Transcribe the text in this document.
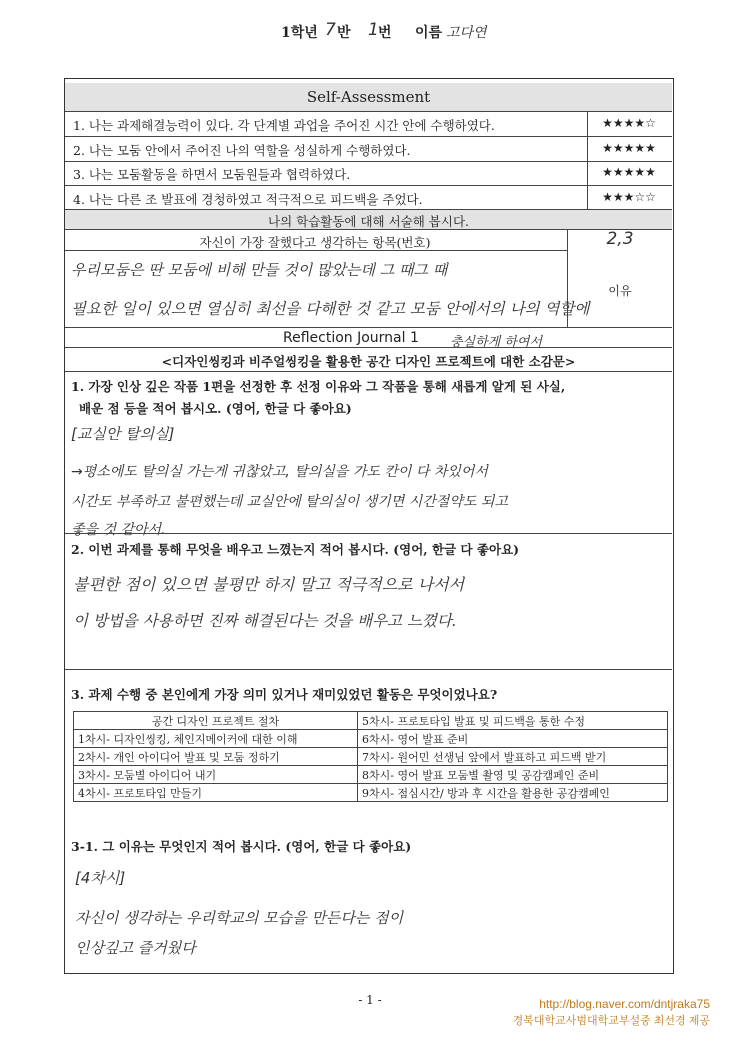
1학년 7 반 1 번 이름 고다연
Self-Assessment
1. 나는 과제해결능력이 있다. 각 단계별 과업을 주어진 시간 안에 수행하였다.	★★★★☆
2. 나는 모둠 안에서 주어진 나의 역할을 성실하게 수행하였다.	★★★★★
3. 나는 모둠활동을 하면서 모둠원들과 협력하였다.	★★★★★
4. 나는 다른 조 발표에 경청하였고 적극적으로 피드백을 주었다.	★★★☆☆
나의 학습활동에 대해 서술해 봅시다.
자신이 가장 잘했다고 생각하는 항목(번호)	2,3
이유
우리모둠은 딴 모둠에 비해 만들 것이 많았는데 그 때그 때
필요한 일이 있으면 열심히 최선을 다해한 것 같고 모둠 안에서의 나의 역할에
Reflection Journal 1 충실하게 하여서
<디자인씽킹과 비주얼씽킹을 활용한 공간 디자인 프로젝트에 대한 소감문>
1. 가장 인상 깊은 작품 1편을 선정한 후 선정 이유와 그 작품을 통해 새롭게 알게 된 사실,
배운 점 등을 적어 봅시오. (영어, 한글 다 좋아요)
[교실안 탈의실]
→평소에도 탈의실 가는게 귀찮았고, 탈의실을 가도 칸이 다 차있어서
시간도 부족하고 불편했는데 교실안에 탈의실이 생기면 시간절약도 되고
좋을 것 같아서.
2. 이번 과제를 통해 무엇을 배우고 느꼈는지 적어 봅시다. (영어, 한글 다 좋아요)
불편한 점이 있으면 불평만 하지 말고 적극적으로 나서서
이 방법을 사용하면 진짜 해결된다는 것을 배우고 느꼈다.
3. 과제 수행 중 본인에게 가장 의미 있거나 재미있었던 활동은 무엇이었나요?
공간 디자인 프로젝트 절차	5차시- 프로토타입 발표 및 피드백을 통한 수정
1차시- 디자인씽킹, 체인지메이커에 대한 이해	6차시- 영어 발표 준비
2차시- 개인 아이디어 발표 및 모둠 정하기	7차시- 원어민 선생님 앞에서 발표하고 피드백 받기
3차시- 모둠별 아이디어 내기	8차시- 영어 발표 모둠별 촬영 및 공감캠페인 준비
4차시- 프로토타입 만들기	9차시- 점심시간/ 방과 후 시간을 활용한 공감캠페인
3-1. 그 이유는 무엇인지 적어 봅시다. (영어, 한글 다 좋아요)
[4차시]
자신이 생각하는 우리학교의 모습을 만든다는 점이
인상깊고 즐거웠다
- 1 -	http://blog.naver.com/dntjraka75
경북대학교사범대학교부설중 최선경 제공
